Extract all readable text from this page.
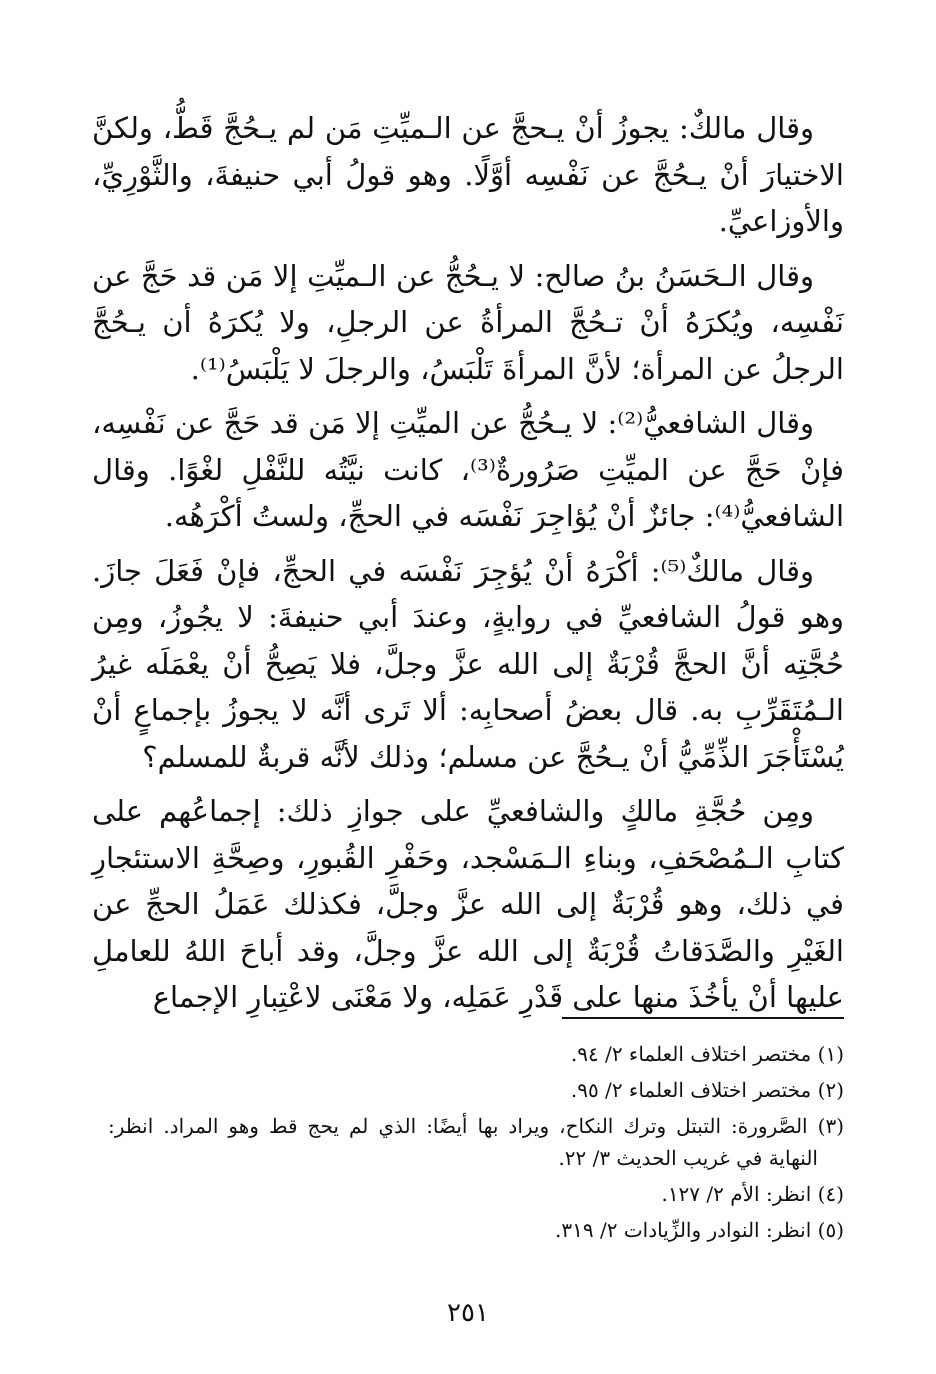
وقال مالكٌ: يجوزُ أنْ يـحجَّ عن الـميِّتِ مَن لم يـحُجَّ قَطُّ، ولكنَّ الاختيارَ أنْ يـحُجَّ عن نَفْسِه أوَّلًا. وهو قولُ أبي حنيفةَ، والثَّوْرِيِّ، والأوزاعيِّ.

وقال الـحَسَنُ بنُ صالح: لا يـحُجُّ عن الـميِّتِ إلا مَن قد حَجَّ عن نَفْسِه، ويُكرَهُ أنْ تـحُجَّ المرأةُ عن الرجلِ، ولا يُكرَهُ أن يـحُجَّ الرجلُ عن المرأة؛ لأنَّ المرأةَ تَلْبَسُ، والرجلَ لا يَلْبَسُ⁽¹⁾.

وقال الشافعيُّ⁽²⁾: لا يـحُجُّ عن الميِّتِ إلا مَن قد حَجَّ عن نَفْسِه، فإنْ حَجَّ عن الميِّتِ صَرُورةٌ⁽³⁾، كانت نيَّتُه للنَّفْلِ لغْوًا. وقال الشافعيُّ⁽⁴⁾: جائزٌ أنْ يُؤاجِرَ نَفْسَه في الحجِّ، ولستُ أكْرَهُه.

وقال مالكٌ⁽⁵⁾: أكْرَهُ أنْ يُؤجِرَ نَفْسَه في الحجِّ، فإنْ فَعَلَ جازَ. وهو قولُ الشافعيِّ في روايةٍ، وعندَ أبي حنيفةَ: لا يجُوزُ، ومِن حُجَّتِه أنَّ الحجَّ قُرْبَةٌ إلى الله عزَّ وجلَّ، فلا يَصِحُّ أنْ يعْمَلَه غيرُ الـمُتَقَرِّبِ به. قال بعضُ أصحابِه: ألا تَرى أنَّه لا يجوزُ بإجماعٍ أنْ يُسْتَأْجَرَ الذِّمِّيُّ أنْ يـحُجَّ عن مسلم؛ وذلك لأنَّه قربةٌ للمسلم؟

ومِن حُجَّةِ مالكٍ والشافعيِّ على جوازِ ذلك: إجماعُهم على كتابِ الـمُصْحَفِ، وبناءِ الـمَسْجد، وحَفْرِ القُبورِ، وصِحَّةِ الاستئجارِ في ذلك، وهو قُرْبَةٌ إلى الله عزَّ وجلَّ، فكذلك عَمَلُ الحجِّ عن الغَيْرِ والصَّدَقاتُ قُرْبَةٌ إلى الله عزَّ وجلَّ، وقد أباحَ اللهُ للعاملِ عليها أنْ يأخُذَ منها على قَدْرِ عَمَلِه، ولا مَعْنَى لاعْتِبارِ الإجماع

(١) مختصر اختلاف العلماء ٢/ ٩٤.

(٢) مختصر اختلاف العلماء ٢/ ٩٥.

(٣) الصَّرورة: التبتل وترك النكاح، ويراد بها أيضًا: الذي لم يحج قط وهو المراد. انظر: النهاية في غريب الحديث ٣/ ٢٢.

(٤) انظر: الأم ٢/ ١٢٧.

(٥) انظر: النوادر والزِّيادات ٢/ ٣١٩.

٢٥١
